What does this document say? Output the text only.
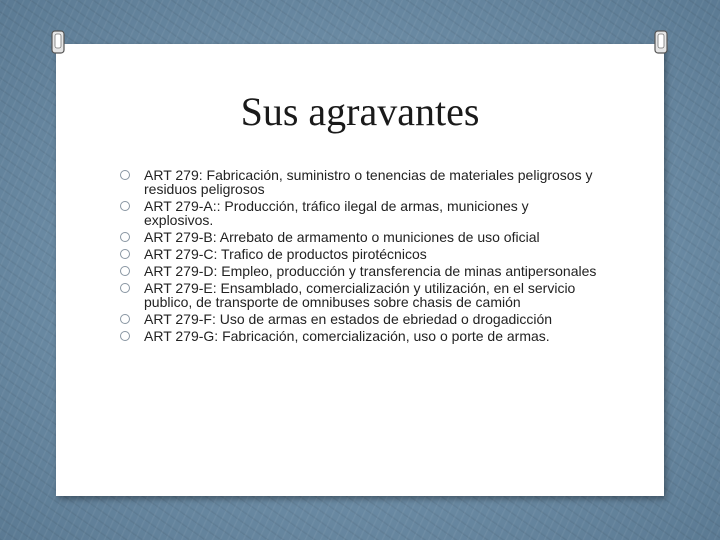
Sus agravantes
ART 279: Fabricación, suministro o tenencias de materiales peligrosos y residuos peligrosos
ART 279-A:: Producción, tráfico ilegal de armas, municiones y explosivos.
ART 279-B: Arrebato de armamento o municiones de uso oficial
ART 279-C: Trafico de productos pirotécnicos
ART 279-D: Empleo, producción y transferencia de minas antipersonales
ART 279-E: Ensamblado, comercialización y utilización, en el servicio publico, de transporte de omnibuses sobre chasis de camión
ART 279-F: Uso de armas en estados de ebriedad o drogadicción
ART 279-G: Fabricación, comercialización, uso o porte de armas.
